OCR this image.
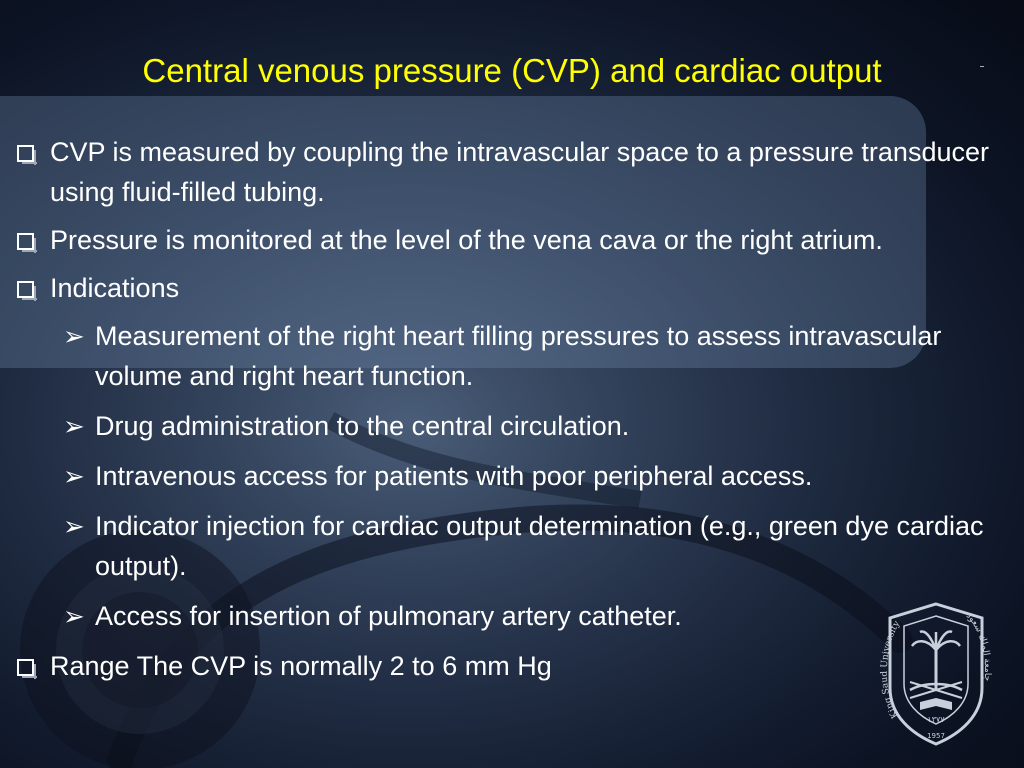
Central venous pressure (CVP) and cardiac output
CVP is measured by coupling the intravascular space to a pressure transducer using fluid-filled tubing.
Pressure is monitored at the level of the vena cava or the right atrium.
Indications
➢ Measurement of the right heart filling pressures to assess intravascular volume and right heart function.
➢ Drug administration to the central circulation.
➢ Intravenous access for patients with poor peripheral access.
➢ Indicator injection for cardiac output determination (e.g., green dye cardiac output).
➢ Access for insertion of pulmonary artery catheter.
Range The CVP is normally 2 to 6 mm Hg
١٣٧٧
King Saud University
جامعة الملك سعود
1957
